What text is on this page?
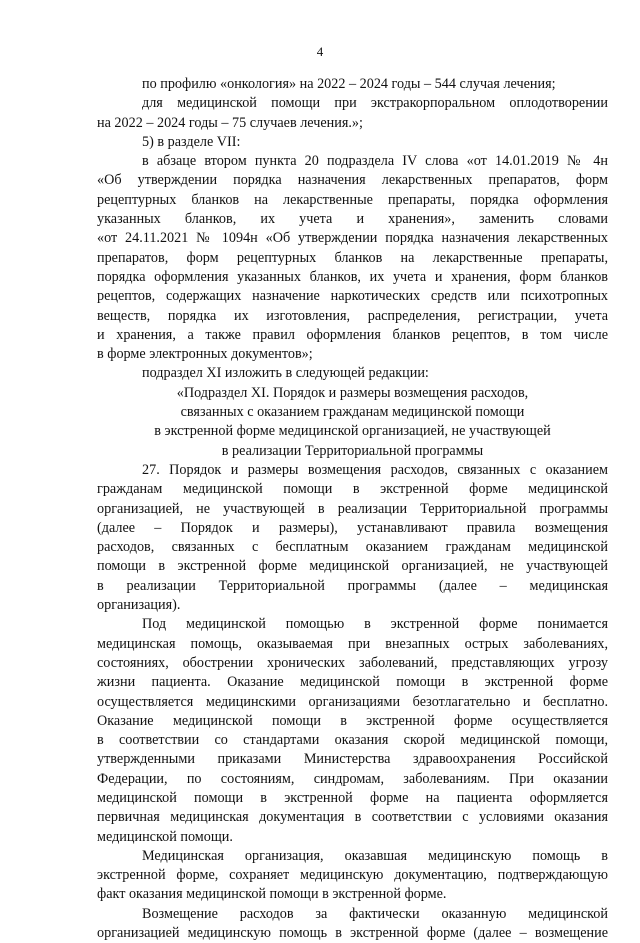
4
по профилю «онкология» на 2022 – 2024 годы – 544 случая лечения;
для медицинской помощи при экстракорпоральном оплодотворении
на 2022 – 2024 годы – 75 случаев лечения.»;
5) в разделе VII:
в абзаце втором пункта 20 подраздела IV слова «от 14.01.2019 № 4н
«Об утверждении порядка назначения лекарственных препаратов, форм
рецептурных бланков на лекарственные препараты, порядка оформления
указанных бланков, их учета и хранения», заменить словами
«от 24.11.2021 № 1094н «Об утверждении порядка назначения лекарственных
препаратов, форм рецептурных бланков на лекарственные препараты,
порядка оформления указанных бланков, их учета и хранения, форм бланков
рецептов, содержащих назначение наркотических средств или психотропных
веществ, порядка их изготовления, распределения, регистрации, учета
и хранения, а также правил оформления бланков рецептов, в том числе
в форме электронных документов»;
подраздел XI изложить в следующей редакции:
«Подраздел XI. Порядок и размеры возмещения расходов,
связанных с оказанием гражданам медицинской помощи
в экстренной форме медицинской организацией, не участвующей
в реализации Территориальной программы
27. Порядок и размеры возмещения расходов, связанных с оказанием
гражданам медицинской помощи в экстренной форме медицинской
организацией, не участвующей в реализации Территориальной программы
(далее – Порядок и размеры), устанавливают правила возмещения
расходов, связанных с бесплатным оказанием гражданам медицинской
помощи в экстренной форме медицинской организацией, не участвующей
в реализации Территориальной программы (далее – медицинская
организация).
Под медицинской помощью в экстренной форме понимается
медицинская помощь, оказываемая при внезапных острых заболеваниях,
состояниях, обострении хронических заболеваний, представляющих угрозу
жизни пациента. Оказание медицинской помощи в экстренной форме
осуществляется медицинскими организациями безотлагательно и бесплатно.
Оказание медицинской помощи в экстренной форме осуществляется
в соответствии со стандартами оказания скорой медицинской помощи,
утвержденными приказами Министерства здравоохранения Российской
Федерации, по состояниям, синдромам, заболеваниям. При оказании
медицинской помощи в экстренной форме на пациента оформляется
первичная медицинская документация в соответствии с условиями оказания
медицинской помощи.
Медицинская организация, оказавшая медицинскую помощь в
экстренной форме, сохраняет медицинскую документацию, подтверждающую
факт оказания медицинской помощи в экстренной форме.
Возмещение расходов за фактически оказанную медицинской
организацией медицинскую помощь в экстренной форме (далее – возмещение
